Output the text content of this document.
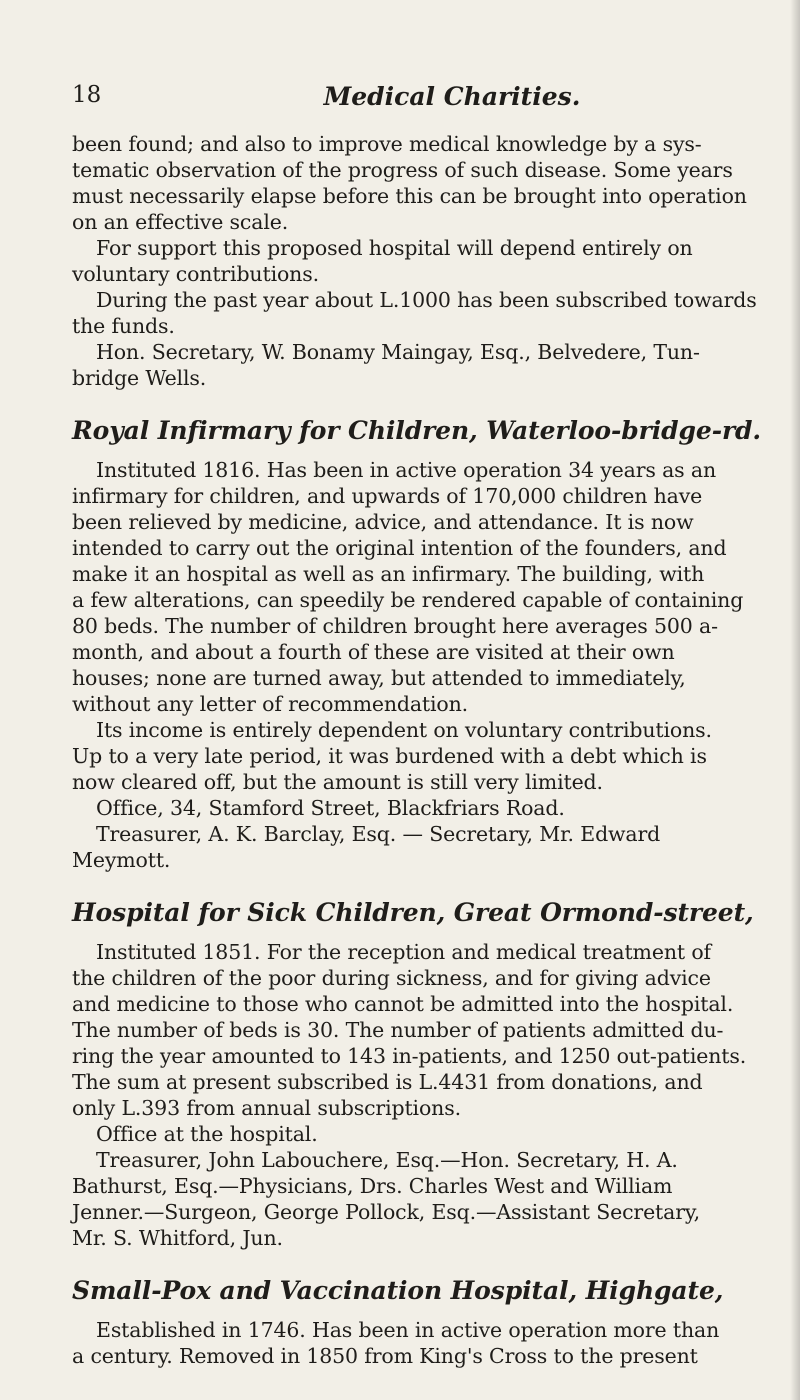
18	Medical Charities.
been found; and also to improve medical knowledge by a sys-
tematic observation of the progress of such disease. Some years
must necessarily elapse before this can be brought into operation
on an effective scale.
For support this proposed hospital will depend entirely on
voluntary contributions.
During the past year about L.1000 has been subscribed towards
the funds.
Hon. Secretary, W. Bonamy Maingay, Esq., Belvedere, Tun-
bridge Wells.
Royal Infirmary for Children, Waterloo-bridge-rd.
Instituted 1816. Has been in active operation 34 years as an
infirmary for children, and upwards of 170,000 children have
been relieved by medicine, advice, and attendance. It is now
intended to carry out the original intention of the founders, and
make it an hospital as well as an infirmary. The building, with
a few alterations, can speedily be rendered capable of containing
80 beds. The number of children brought here averages 500 a-
month, and about a fourth of these are visited at their own
houses; none are turned away, but attended to immediately,
without any letter of recommendation.
Its income is entirely dependent on voluntary contributions.
Up to a very late period, it was burdened with a debt which is
now cleared off, but the amount is still very limited.
Office, 34, Stamford Street, Blackfriars Road.
Treasurer, A. K. Barclay, Esq. — Secretary, Mr. Edward
Meymott.
Hospital for Sick Children, Great Ormond-street,
Instituted 1851. For the reception and medical treatment of
the children of the poor during sickness, and for giving advice
and medicine to those who cannot be admitted into the hospital.
The number of beds is 30. The number of patients admitted du-
ring the year amounted to 143 in-patients, and 1250 out-patients.
The sum at present subscribed is L.4431 from donations, and
only L.393 from annual subscriptions.
Office at the hospital.
Treasurer, John Labouchere, Esq.—Hon. Secretary, H. A.
Bathurst, Esq.—Physicians, Drs. Charles West and William
Jenner.—Surgeon, George Pollock, Esq.—Assistant Secretary,
Mr. S. Whitford, Jun.
Small-Pox and Vaccination Hospital, Highgate,
Established in 1746. Has been in active operation more than
a century. Removed in 1850 from King's Cross to the present
